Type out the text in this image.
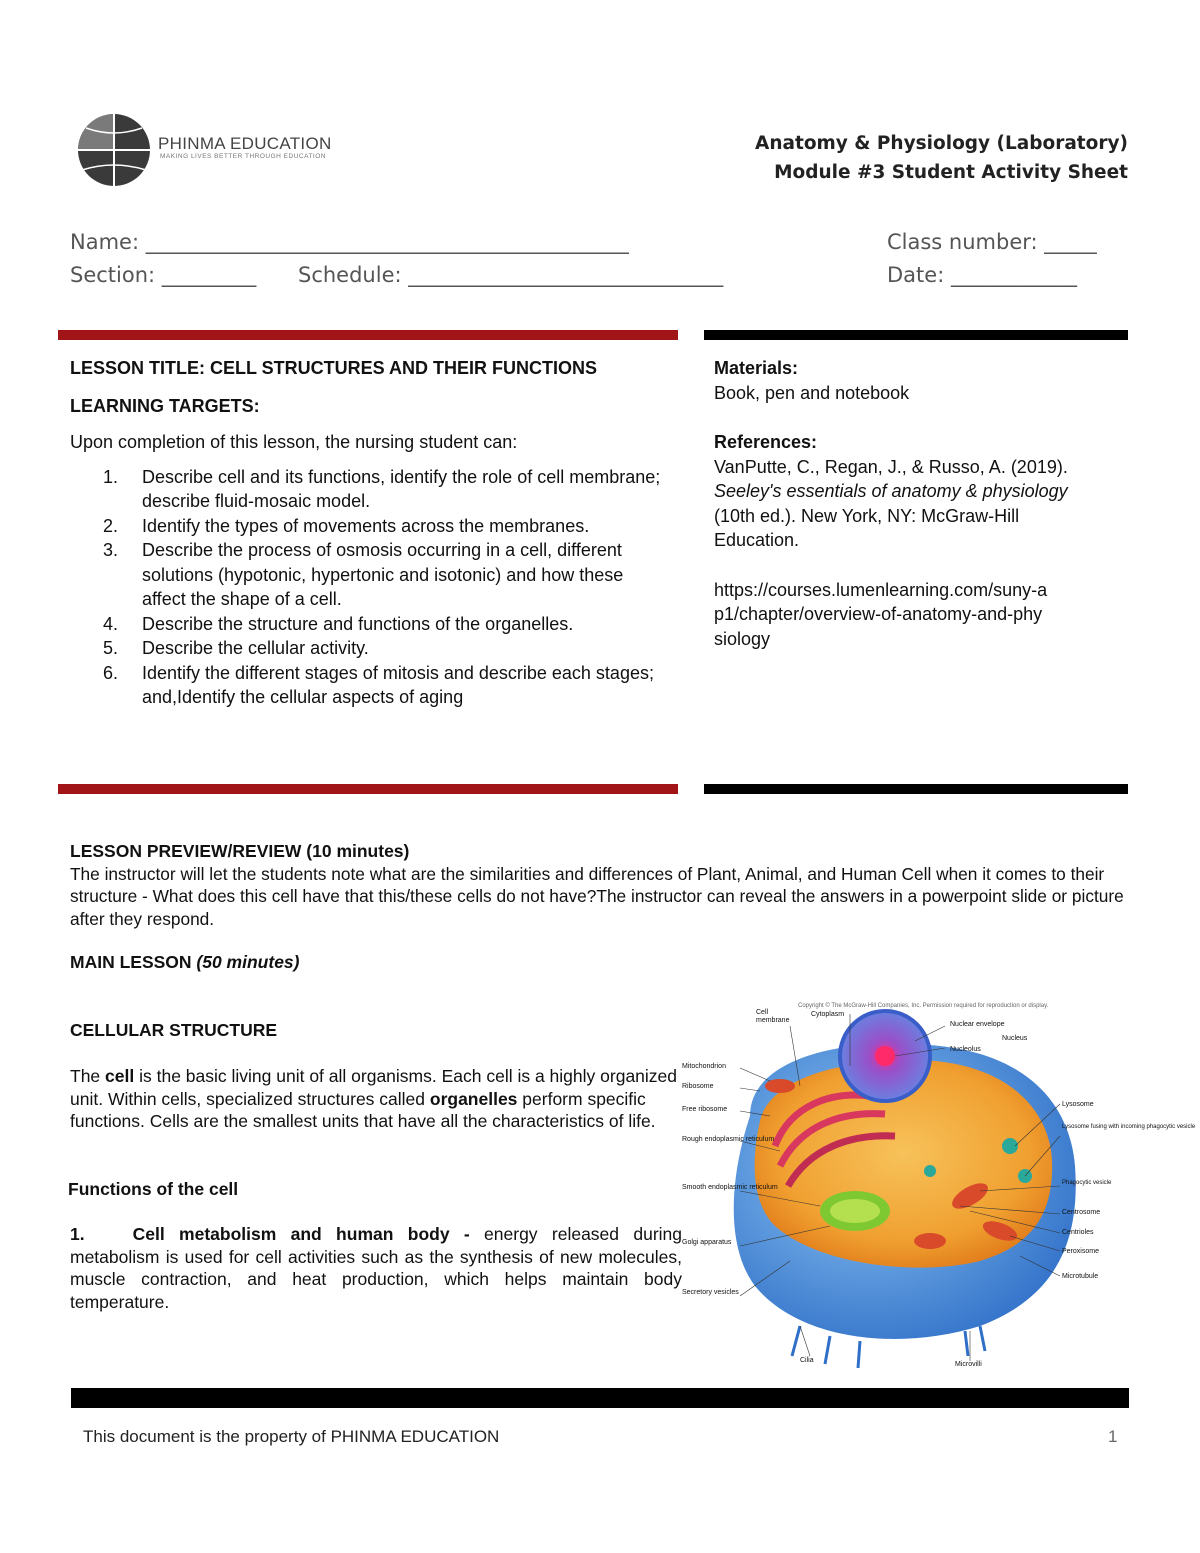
PHINMA EDUCATION
MAKING LIVES BETTER THROUGH EDUCATION
Anatomy & Physiology (Laboratory)
Module #3 Student Activity Sheet
Name: ______________________________________________	Class number: _____
Section: _________ Schedule: ______________________________	Date: ____________
LESSON TITLE: CELL STRUCTURES AND THEIR FUNCTIONS
LEARNING TARGETS:
Upon completion of this lesson, the nursing student can:
1. Describe cell and its functions, identify the role of cell membrane; describe fluid-mosaic model.
2. Identify the types of movements across the membranes.
3. Describe the process of osmosis occurring in a cell, different solutions (hypotonic, hypertonic and isotonic) and how these affect the shape of a cell.
4. Describe the structure and functions of the organelles.
5. Describe the cellular activity.
6. Identify the different stages of mitosis and describe each stages; and,Identify the cellular aspects of aging
Materials:
Book, pen and notebook
References:
VanPutte, C., Regan, J., & Russo, A. (2019). Seeley's essentials of anatomy & physiology (10th ed.). New York, NY: McGraw-Hill Education.
https://courses.lumenlearning.com/suny-a
p1/chapter/overview-of-anatomy-and-phy
siology
LESSON PREVIEW/REVIEW (10 minutes)
The instructor will let the students note what are the similarities and differences of Plant, Animal, and Human Cell when it comes to their structure - What does this cell have that this/these cells do not have?The instructor can reveal the answers in a powerpoint slide or picture after they respond.
MAIN LESSON (50 minutes)
CELLULAR STRUCTURE
The cell is the basic living unit of all organisms. Each cell is a highly organized unit. Within cells, specialized structures called organelles perform specific functions. Cells are the smallest units that have all the characteristics of life.
Functions of the cell
1.	Cell metabolism and human body - energy released during metabolism is used for cell activities such as the synthesis of new molecules, muscle contraction, and heat production, which helps maintain body temperature.
Copyright © The McGraw-Hill Companies, Inc. Permission required for reproduction or display.
Cell membrane
Cytoplasm
Nuclear envelope
Nucleolus
Nucleus
Mitochondrion
Ribosome
Free ribosome
Rough endoplasmic reticulum
Smooth endoplasmic reticulum
Golgi apparatus
Secretory vesicles
Cilia
Microvilli
Lysosome
Lysosome fusing with incoming phagocytic vesicle
Phagocytic vesicle
Centrosome
Centrioles
Peroxisome
Microtubule
This document is the property of PHINMA EDUCATION	1
